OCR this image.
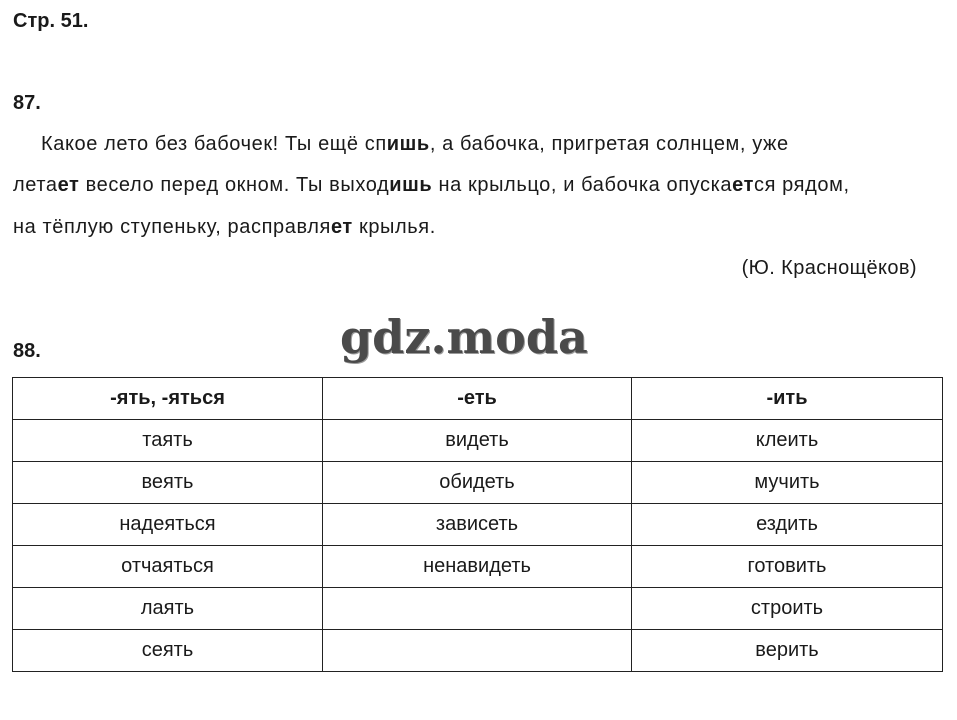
Стр. 51.
87.
Какое лето без бабочек! Ты ещё спишь, а бабочка, пригретая солнцем, уже
летает весело перед окном. Ты выходишь на крыльцо, и бабочка опускается рядом,
на тёплую ступеньку, расправляет крылья.
(Ю. Краснощёков)
gdz.moda
88.
-ять, -яться	-еть	-ить
таять	видеть	клеить
веять	обидеть	мучить
надеяться	зависеть	ездить
отчаяться	ненавидеть	готовить
лаять		строить
сеять		верить
